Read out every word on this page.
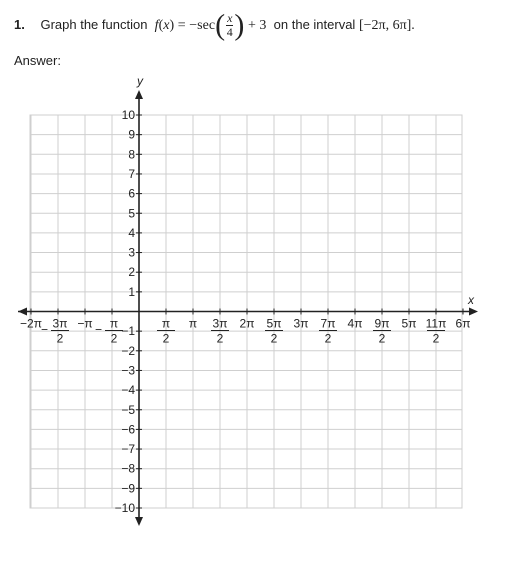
1. Graph the function $f(x) = -\sec( \frac{x}{4}$ ) + 3 on the interval [−2π, 6π].
Answer:
x
y
10
9
8
7
6
5
4
3
2
1
−1
−2
−3
−4
−5
−6
−7
−8
−9
−10
−2π − 3π
2
−π − π
2
π
2
π 3π
2
2π 5π
2
3π 7π
2
4π 9π
2
5π 11π
2
6π
